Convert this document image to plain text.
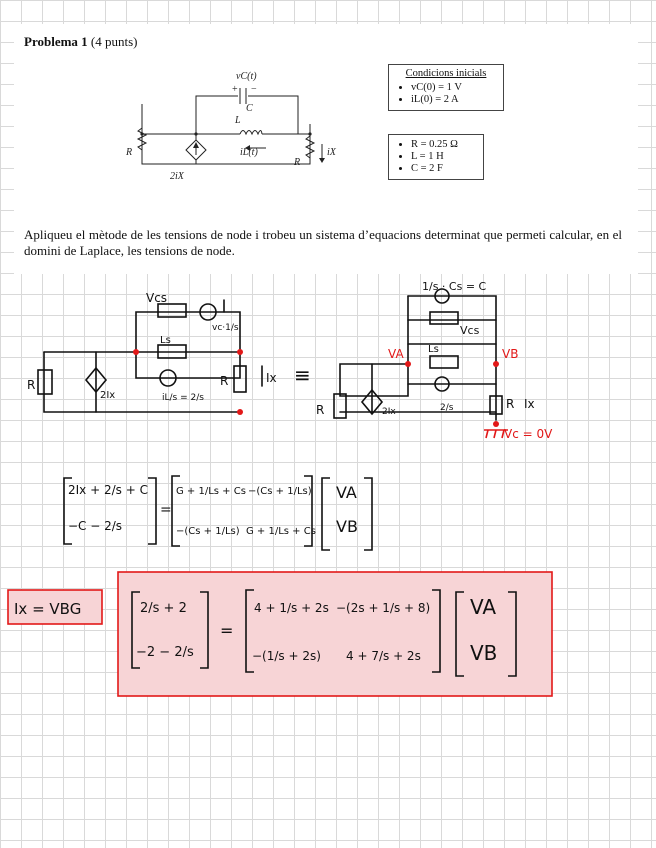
Problema 1 (4 punts)
vC(t)
+ −
C
L
iL(t)
R
R
iX
2iX
Condicions inicials
• vC(0) = 1 V
• iL(0) = 2 A
• R = 0.25 Ω
• L = 1 H
• C = 2 F
Apliqueu el mètode de les tensions de node i trobeu un sistema d’equacions determinat que permeti calcular, en el domini de Laplace, les tensions de node.
Vcs
vc·1/s
Ls
iL/s = 2/s
R
2Ix
R	Ix ≡
1/s · Cs = C
Vcs
Ls
R	2Ix	2/s	R Ix
VA	VB
Vc = 0V
2Ix + 2/s + C
−C − 2/s
=
G + 1/Ls + Cs −(Cs + 1/Ls)
−(Cs + 1/Ls) G + 1/Ls + Cs
VA
VB
Ix = VBG	2/s + 2
−2 − 2/s
=
4 + 1/s + 2s −(2s + 1/s + 8)
−(1/s + 2s) 4 + 7/s + 2s
VA
VB
